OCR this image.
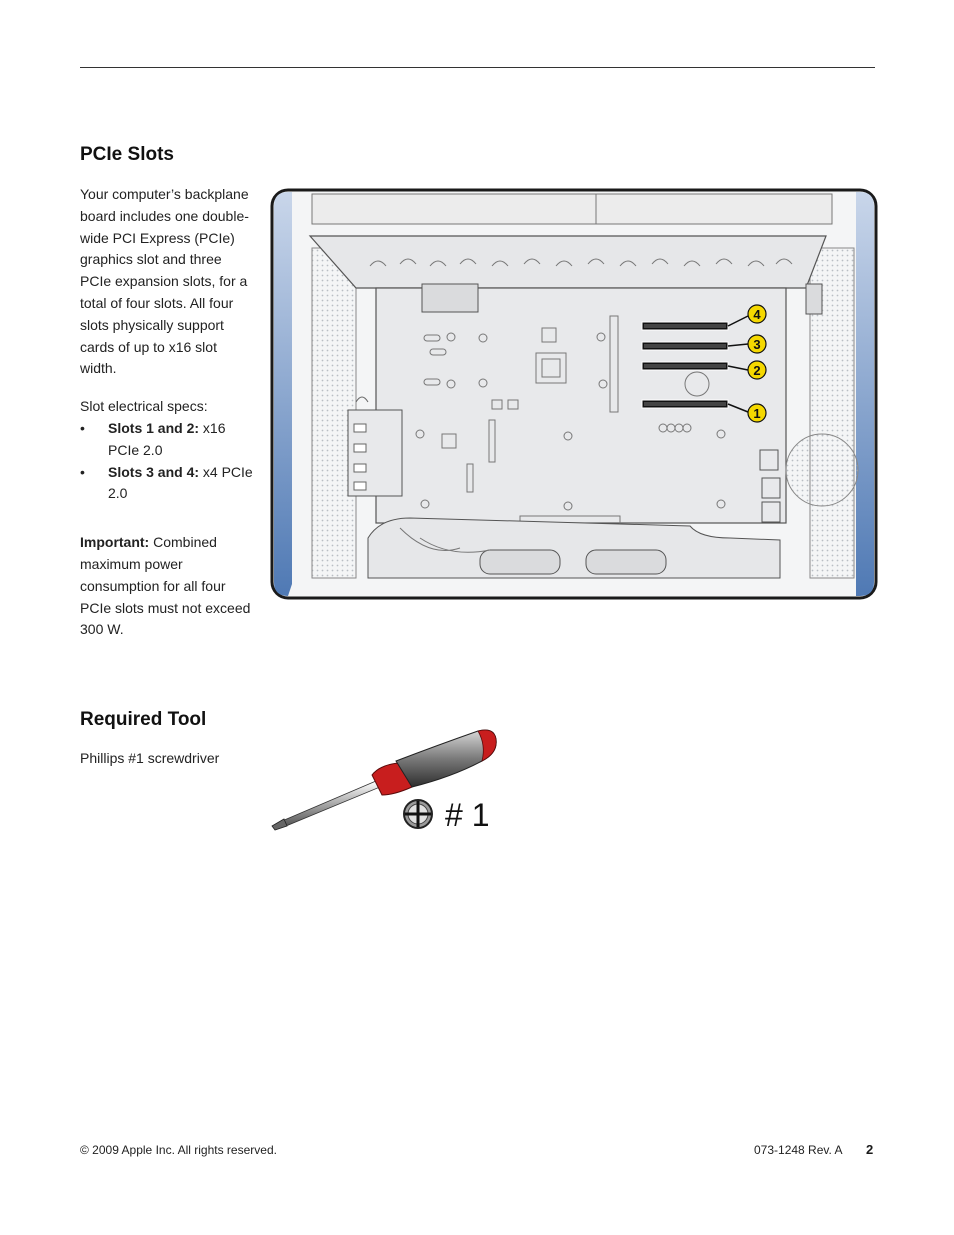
PCIe Slots

Your computer’s backplane board includes one double-wide PCI Express (PCIe) graphics slot and three PCIe expansion slots, for a total of four slots. All four slots physically support cards of up to x16 slot width.

Slot electrical specs:

• Slots 1 and 2: x16 PCIe 2.0
• Slots 3 and 4: x4 PCIe 2.0

Important: Combined maximum power consumption for all four PCIe slots must not exceed 300 W.

4
3
2
1
Required Tool

Phillips #1 screwdriver

# 1
© 2009 Apple Inc. All rights reserved.	073-1248 Rev. A 2
